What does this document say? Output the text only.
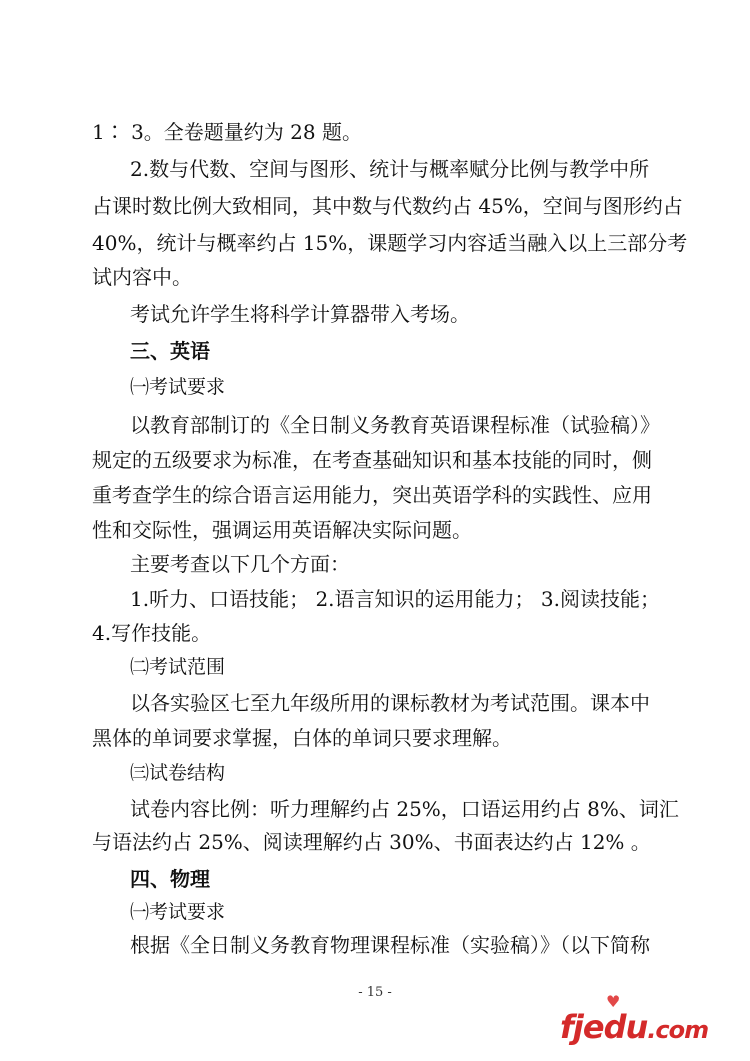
1∶ 3。全卷题量约为 28 题。
2.数与代数、空间与图形、统计与概率赋分比例与教学中所
占课时数比例大致相同，其中数与代数约占 45%，空间与图形约占
40%，统计与概率约占 15%，课题学习内容适当融入以上三部分考
试内容中。
考试允许学生将科学计算器带入考场。
三、英语
㈠考试要求
以教育部制订的《全日制义务教育英语课程标准（试验稿）》
规定的五级要求为标准，在考查基础知识和基本技能的同时，侧
重考查学生的综合语言运用能力，突出英语学科的实践性、应用
性和交际性，强调运用英语解决实际问题。
主要考查以下几个方面：
1.听力、口语技能； 2.语言知识的运用能力； 3.阅读技能；
4.写作技能。
㈡考试范围
以各实验区七至九年级所用的课标教材为考试范围。课本中
黑体的单词要求掌握，白体的单词只要求理解。
㈢试卷结构
试卷内容比例：听力理解约占 25%，口语运用约占 8%、词汇
与语法约占 25%、阅读理解约占 30%、书面表达约占 12% 。
四、物理
㈠考试要求
根据《全日制义务教育物理课程标准（实验稿）》（以下简称
- 15 -	♥
fjedu.com
